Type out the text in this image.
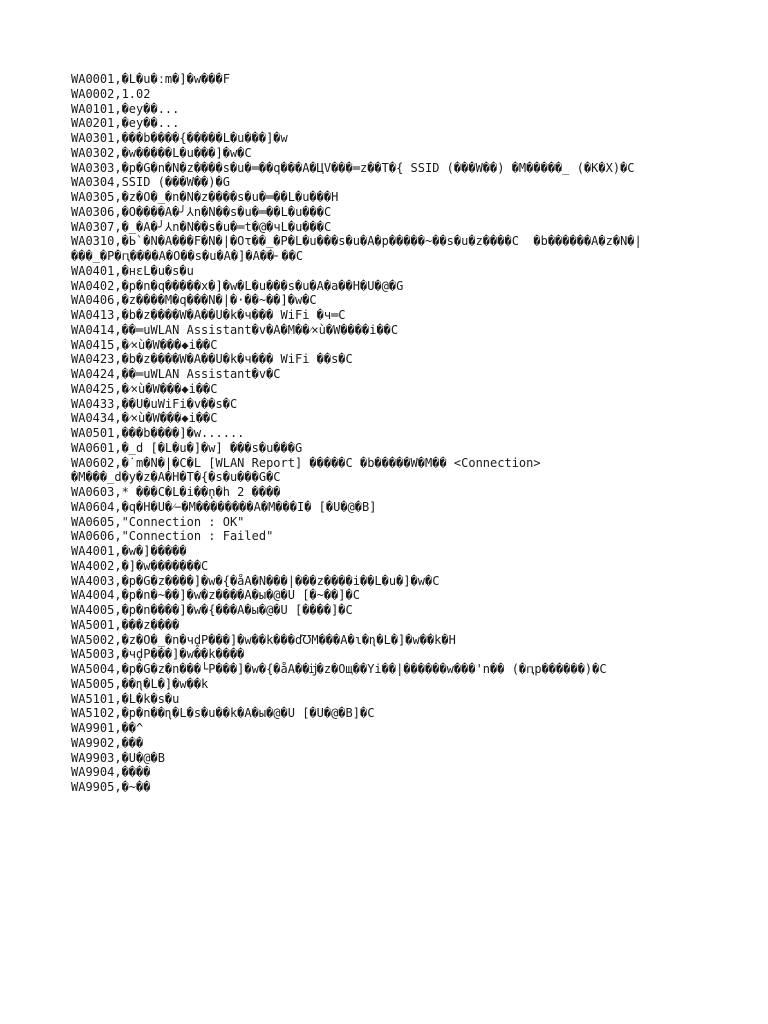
WA0001,�L�u�ːm�]�w���F
WA0002,1.02
WA0101,�ey��...
WA0201,�ey��...
WA0301,���b����{�����L�u���]�w
WA0302,�w�����L�u���]�w�C
WA0303,�p�G�n�N�z����s�u�═��q���A�ЦV���═z��T�{ SSID (���W��) �M�����_ (�K�X)�C
WA0304,SSID (���W��)�G
WA0305,�z�O�_�n�N�z����s�u�═��L�u���H
WA0306,�O����A�╯⅄n�N��s�u�═��L�u���C
WA0307,�_�A�╯⅄n�N��s�u�═t�@�чL�u���C
WA0310,�Ь`�N�A���F�N�|�Oτ��_�P�L�u���s�u�A�p�����~��s�u�z����C  �b������A�z�N�|
���_�P�ԥ����A�O��s�u�A�]�A��╴��C
WA0401,�нεL�u�s�u
WA0402,�p�n�q�����x�]�w�L�u���s�u�A�a��H�U�@�G
WA0406,�z����M�q���N�|�·��~��]�w�C
WA0413,�b�z����W�A��U�k�ч��� WiFi �ч═C
WA0414,��═uWLAN Assistant�v�A�M��⁄×ù�W����i��C
WA0415,�⁄×ù�W���◆i��C
WA0423,�b�z����W�A��U�k�ч��� WiFi ��s�C
WA0424,��═uWLAN Assistant�v�C
WA0425,�⁄×ù�W���◆i��C
WA0433,��U�uWiFi�v��s�C
WA0434,�⁄×ù�W���◆i��C
WA0501,���b����]�w......
WA0601,�_d [�L�u�]�w] ���s�u���G
WA0602,�˙m�N�|�C�L [WLAN Report] �����C �b�����W�M�� <Connection>
�M���_d�y�z�A�H�T�{�s�u���G�C
WA0603,* ���C�L�i��̨n�h 2 ����
WA0604,�q�H�U�⁄−�M��������A�M���I� [�U�@�B]
WA0605,"Connection : OK"
WA0606,"Connection : Failed"
WA4001,�w�]�����
WA4002,�]�w�������C
WA4003,�p�G�z����]�w�{�åA�N���|���z����i��L�u�]�w�C
WA4004,�p�n�~��]�w�z����A�ы�@�U [�~��]�C
WA4005,�p�n����]�w�{���A�ы�@�U [����]�C
WA5001,���z����
WA5002,�z�O�_�n�чḓP���]�w��k���ď℧M���A�ɩ�ɳ�L�]�w��k�H
WA5003,�чḓP���]�w��k����
WA5004,�p�G�z�n���└P���]�w�{�åA��ĳ�z�Oщ��Yi��|������w���'n�� (�ԥp������)�C
WA5005,��ɳ�L�]�w��k
WA5101,�L�k�s�u
WA5102,�p�n��ɳ�L�s�u��k�A�ы�@�U [�U�@�B]�C
WA9901,��^
WA9902,���
WA9903,�U�@�B
WA9904,����
WA9905,�~��
